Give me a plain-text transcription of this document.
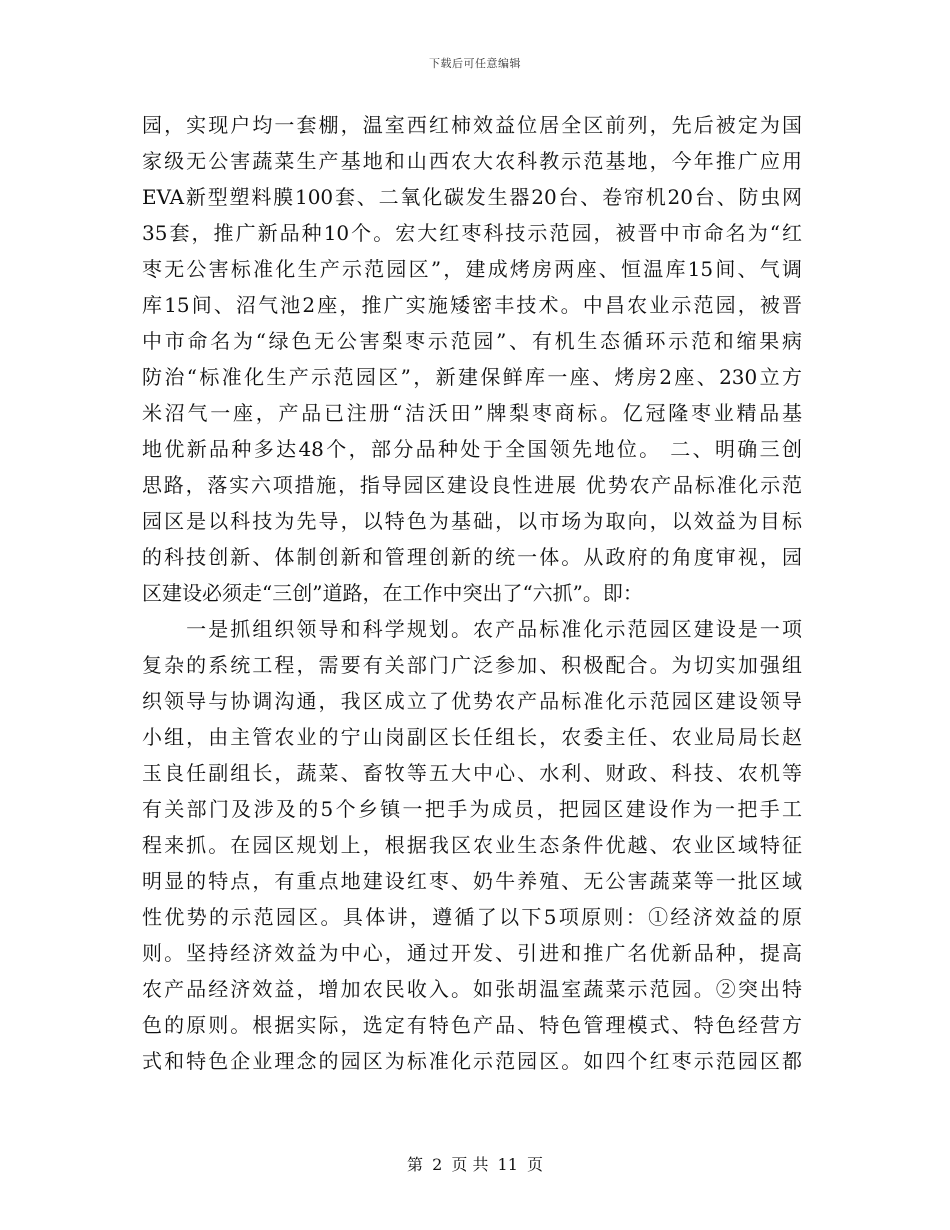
下载后可任意编辑
园，实现户均一套棚，温室西红柿效益位居全区前列，先后被定为国
家级无公害蔬菜生产基地和山西农大农科教示范基地，今年推广应用
EVA新型塑料膜100套、二氧化碳发生器20台、卷帘机20台、防虫网
35套，推广新品种10个。宏大红枣科技示范园，被晋中市命名为“红
枣无公害标准化生产示范园区”，建成烤房两座、恒温库15间、气调
库15间、沼气池2座，推广实施矮密丰技术。中昌农业示范园，被晋
中市命名为“绿色无公害梨枣示范园”、有机生态循环示范和缩果病
防治“标准化生产示范园区”，新建保鲜库一座、烤房2座、230立方
米沼气一座，产品已注册“洁沃田”牌梨枣商标。亿冠隆枣业精品基
地优新品种多达48个，部分品种处于全国领先地位。 二、明确三创
思路，落实六项措施，指导园区建设良性进展 优势农产品标准化示范
园区是以科技为先导，以特色为基础，以市场为取向，以效益为目标
的科技创新、体制创新和管理创新的统一体。从政府的角度审视，园
区建设必须走“三创”道路，在工作中突出了“六抓”。即：
　　一是抓组织领导和科学规划。农产品标准化示范园区建设是一项
复杂的系统工程，需要有关部门广泛参加、积极配合。为切实加强组
织领导与协调沟通，我区成立了优势农产品标准化示范园区建设领导
小组，由主管农业的宁山岗副区长任组长，农委主任、农业局局长赵
玉良任副组长，蔬菜、畜牧等五大中心、水利、财政、科技、农机等
有关部门及涉及的5个乡镇一把手为成员，把园区建设作为一把手工
程来抓。在园区规划上，根据我区农业生态条件优越、农业区域特征
明显的特点，有重点地建设红枣、奶牛养殖、无公害蔬菜等一批区域
性优势的示范园区。具体讲，遵循了以下5项原则：①经济效益的原
则。坚持经济效益为中心，通过开发、引进和推广名优新品种，提高
农产品经济效益，增加农民收入。如张胡温室蔬菜示范园。②突出特
色的原则。根据实际，选定有特色产品、特色管理模式、特色经营方
式和特色企业理念的园区为标准化示范园区。如四个红枣示范园区都
第 2 页 共 11 页
